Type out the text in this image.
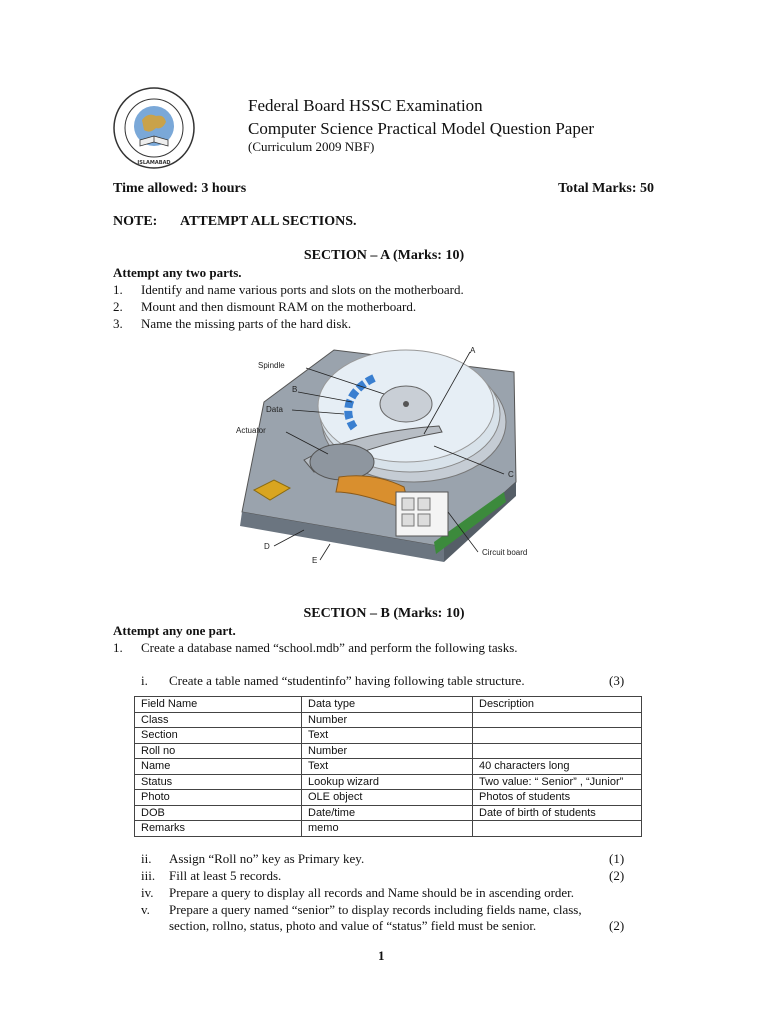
ISLAMABAD
Federal Board HSSC Examination
Computer Science Practical Model Question Paper
(Curriculum 2009 NBF)
Time allowed: 3 hours	Total Marks: 50
NOTE: ATTEMPT ALL SECTIONS.
SECTION – A (Marks: 10)
Attempt any two parts.
1.	Identify and name various ports and slots on the motherboard.
2.	Mount and then dismount RAM on the motherboard.
3.	Name the missing parts of the hard disk.
Spindle
B
Data
Actuator
A
C
D
E
Circuit board
SECTION – B (Marks: 10)
Attempt any one part.
1.	Create a database named “school.mdb” and perform the following tasks.
i. Create a table named “studentinfo” having following table structure.	(3)
Field Name	Data type	Description
Class	Number	
Section	Text	
Roll no	Number	
Name	Text	40 characters long
Status	Lookup wizard	Two value: “ Senior” , “Junior”
Photo	OLE object	Photos of students
DOB	Date/time	Date of birth of students
Remarks	memo	
ii. Assign “Roll no” key as Primary key.	(1)
iii. Fill at least 5 records.	(2)
iv. Prepare a query to display all records and Name should be in ascending order.
v. Prepare a query named “senior” to display records including fields name, class,
section, rollno, status, photo and value of “status” field must be senior.	(2)
1
